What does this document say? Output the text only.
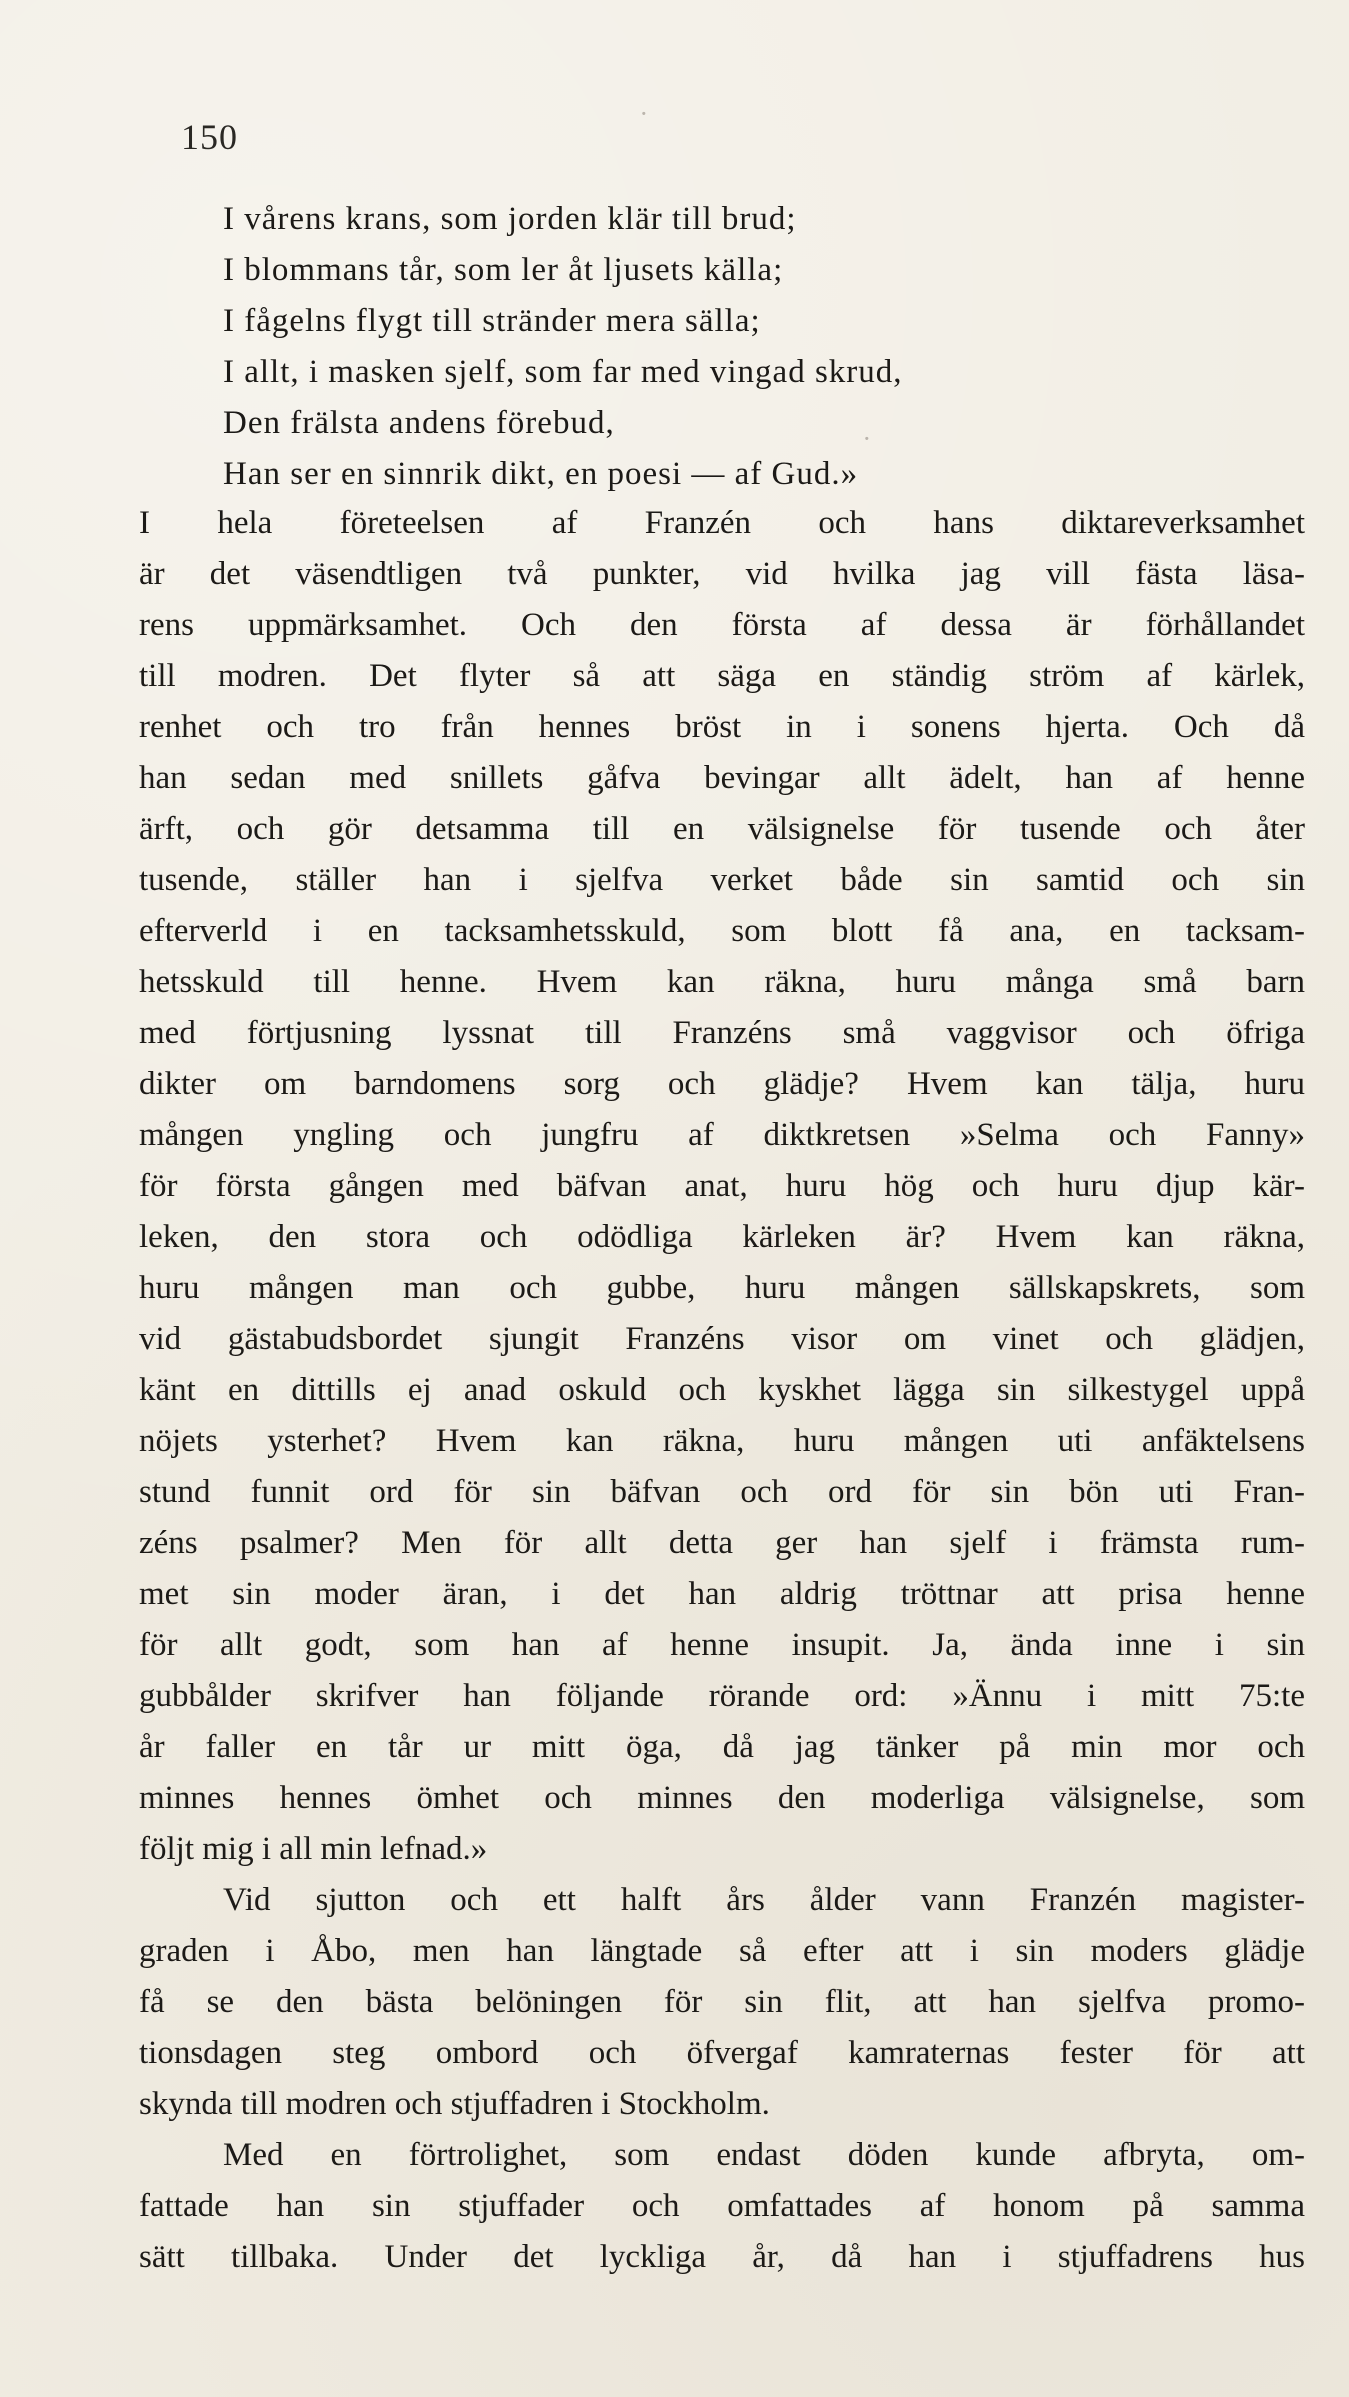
150
I vårens krans, som jorden klär till brud;
I blommans tår, som ler åt ljusets källa;
I fågelns flygt till stränder mera sälla;
I allt, i masken sjelf, som far med vingad skrud,
Den frälsta andens förebud,
Han ser en sinnrik dikt, en poesi — af Gud.»
I hela företeelsen af Franzén och hans diktareverksamhet
är det väsendtligen två punkter, vid hvilka jag vill fästa läsa-
rens uppmärksamhet. Och den första af dessa är förhållandet
till modren. Det flyter så att säga en ständig ström af kärlek,
renhet och tro från hennes bröst in i sonens hjerta. Och då
han sedan med snillets gåfva bevingar allt ädelt, han af henne
ärft, och gör detsamma till en välsignelse för tusende och åter
tusende, ställer han i sjelfva verket både sin samtid och sin
efterverld i en tacksamhetsskuld, som blott få ana, en tacksam-
hetsskuld till henne. Hvem kan räkna, huru många små barn
med förtjusning lyssnat till Franzéns små vaggvisor och öfriga
dikter om barndomens sorg och glädje? Hvem kan tälja, huru
mången yngling och jungfru af diktkretsen »Selma och Fanny»
för första gången med bäfvan anat, huru hög och huru djup kär-
leken, den stora och odödliga kärleken är? Hvem kan räkna,
huru mången man och gubbe, huru mången sällskapskrets, som
vid gästabudsbordet sjungit Franzéns visor om vinet och glädjen,
känt en dittills ej anad oskuld och kyskhet lägga sin silkestygel uppå
nöjets ysterhet? Hvem kan räkna, huru mången uti anfäktelsens
stund funnit ord för sin bäfvan och ord för sin bön uti Fran-
zéns psalmer? Men för allt detta ger han sjelf i främsta rum-
met sin moder äran, i det han aldrig tröttnar att prisa henne
för allt godt, som han af henne insupit. Ja, ända inne i sin
gubbålder skrifver han följande rörande ord: »Ännu i mitt 75:te
år faller en tår ur mitt öga, då jag tänker på min mor och
minnes hennes ömhet och minnes den moderliga välsignelse, som
följt mig i all min lefnad.»
Vid sjutton och ett halft års ålder vann Franzén magister-
graden i Åbo, men han längtade så efter att i sin moders glädje
få se den bästa belöningen för sin flit, att han sjelfva promo-
tionsdagen steg ombord och öfvergaf kamraternas fester för att
skynda till modren och stjuffadren i Stockholm.
Med en förtrolighet, som endast döden kunde afbryta, om-
fattade han sin stjuffader och omfattades af honom på samma
sätt tillbaka. Under det lyckliga år, då han i stjuffadrens hus
·
·
